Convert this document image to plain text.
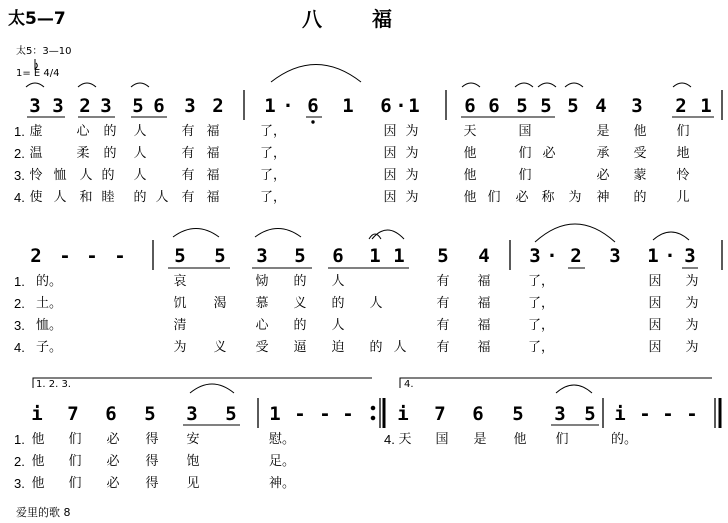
太5—7	八	福
太5：3—10
1= E 4/4
3 3 2 3 5 6 3 2 1 · 6 1 6 · 1 6 6 5 5 5 4 3 2 1
1. 虚	心 的 人	有 福	了，	因 为	天	国	是 他 们
2. 温	柔 的 人	有 福	了，	因 为	他	们 必	承 受 地
3. 怜 恤 人 的 人	有 福	了，	因 为	他	们	必 蒙 怜
4. 使 人 和 睦 的 人 有 福	了，	因 为	他 们 必 称 为 神 的 儿
2 - - -	5 5 3 5 6 1 1 5 4 3 · 2 3 1 · 3
1. 的。	哀	恸 的 人	有 福	了，	因 为
2. 土。	饥 渴 慕 义 的 人	有 福	了，	因 为
3. 恤。	清	心 的 人	有 福	了，	因 为
4. 子。	为 义 受 逼 迫 的 人 有 福	了，	因 为
i 7 6 5 3 5 1 - - - i 7 6 5 3 5 i - - -
1. 他 们 必 得 安	慰。
2. 他 们 必 得 饱	足。
3. 他 们 必 得 见	神。
1. 2. 3.	4.
4. 天 国 是 他 们	的。
爱里的歌 8
